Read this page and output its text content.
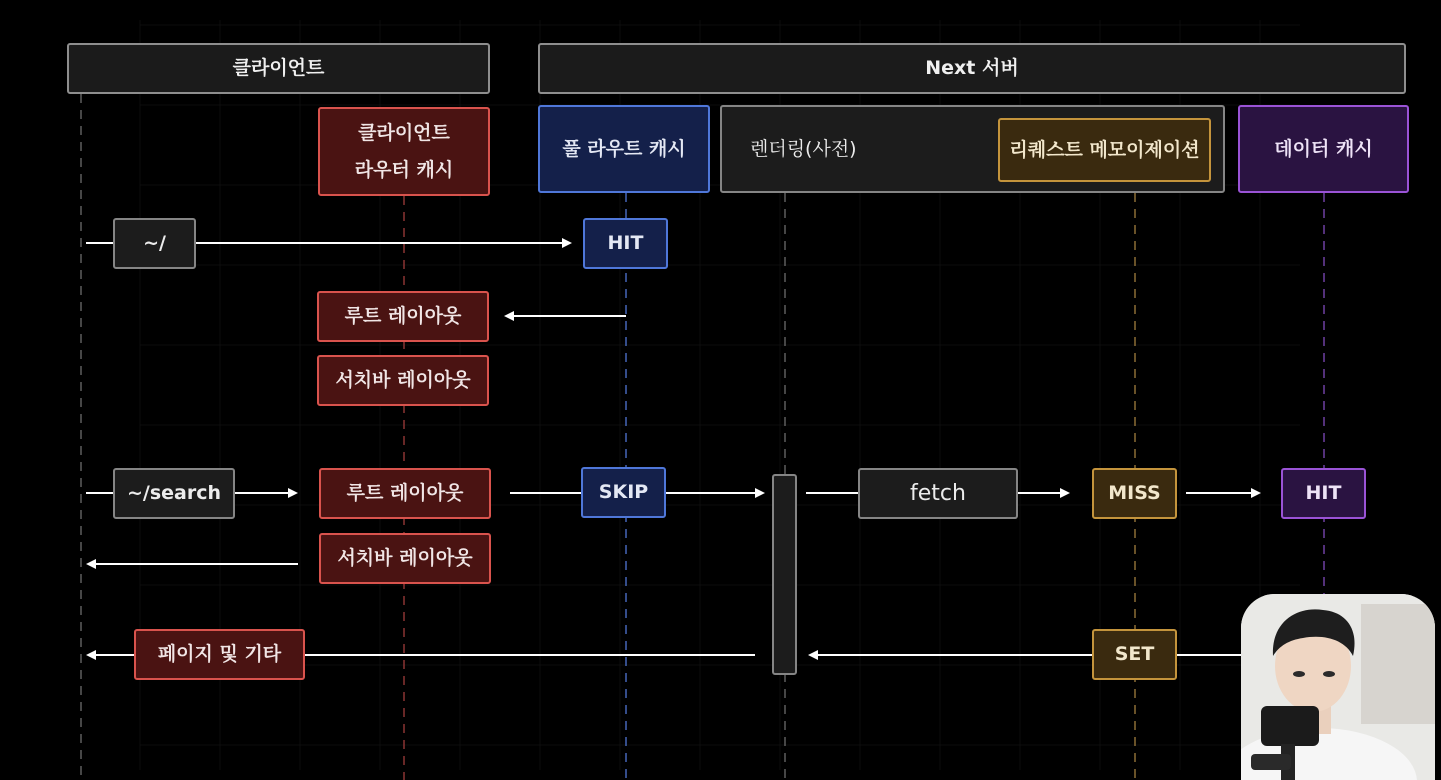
클라이언트	Next 서버
클라이언트
라우터 캐시
풀 라우트 캐시	렌더링(사전)	리퀘스트 메모이제이션	데이터 캐시
~/	HIT
루트 레이아웃
서치바 레이아웃
~/search	루트 레이아웃	SKIP	fetch	MISS	HIT
서치바 레이아웃
페이지 및 기타	SET
